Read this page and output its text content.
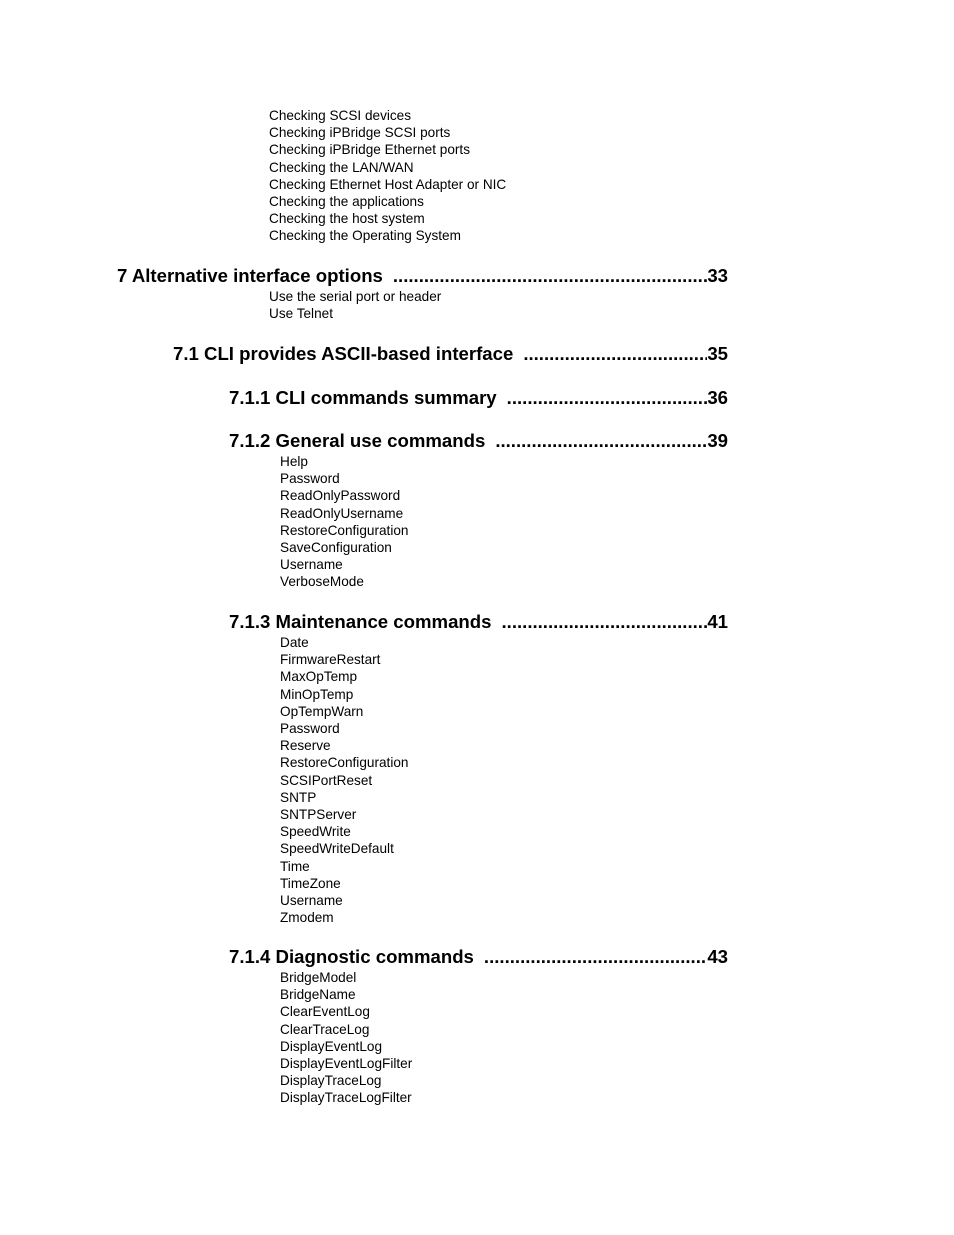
Checking SCSI devices

Checking iPBridge SCSI ports

Checking iPBridge Ethernet ports

Checking the LAN/WAN

Checking Ethernet Host Adapter or NIC

Checking the applications

Checking the host system

Checking the Operating System

7 Alternative interface options .....	33

Use the serial port or header

Use Telnet

7.1 CLI provides ASCII-based interface .....	35
7.1.1 CLI commands summary .....	36
7.1.2 General use commands .....	39

Help

Password

ReadOnlyPassword

ReadOnlyUsername

RestoreConfiguration

SaveConfiguration

Username

VerboseMode

7.1.3 Maintenance commands .....	41

Date

FirmwareRestart

MaxOpTemp

MinOpTemp

OpTempWarn

Password

Reserve

RestoreConfiguration

SCSIPortReset

SNTP

SNTPServer

SpeedWrite

SpeedWriteDefault

Time

TimeZone

Username

Zmodem

7.1.4 Diagnostic commands .....	43

BridgeModel

BridgeName

ClearEventLog

ClearTraceLog

DisplayEventLog

DisplayEventLogFilter

DisplayTraceLog

DisplayTraceLogFilter
